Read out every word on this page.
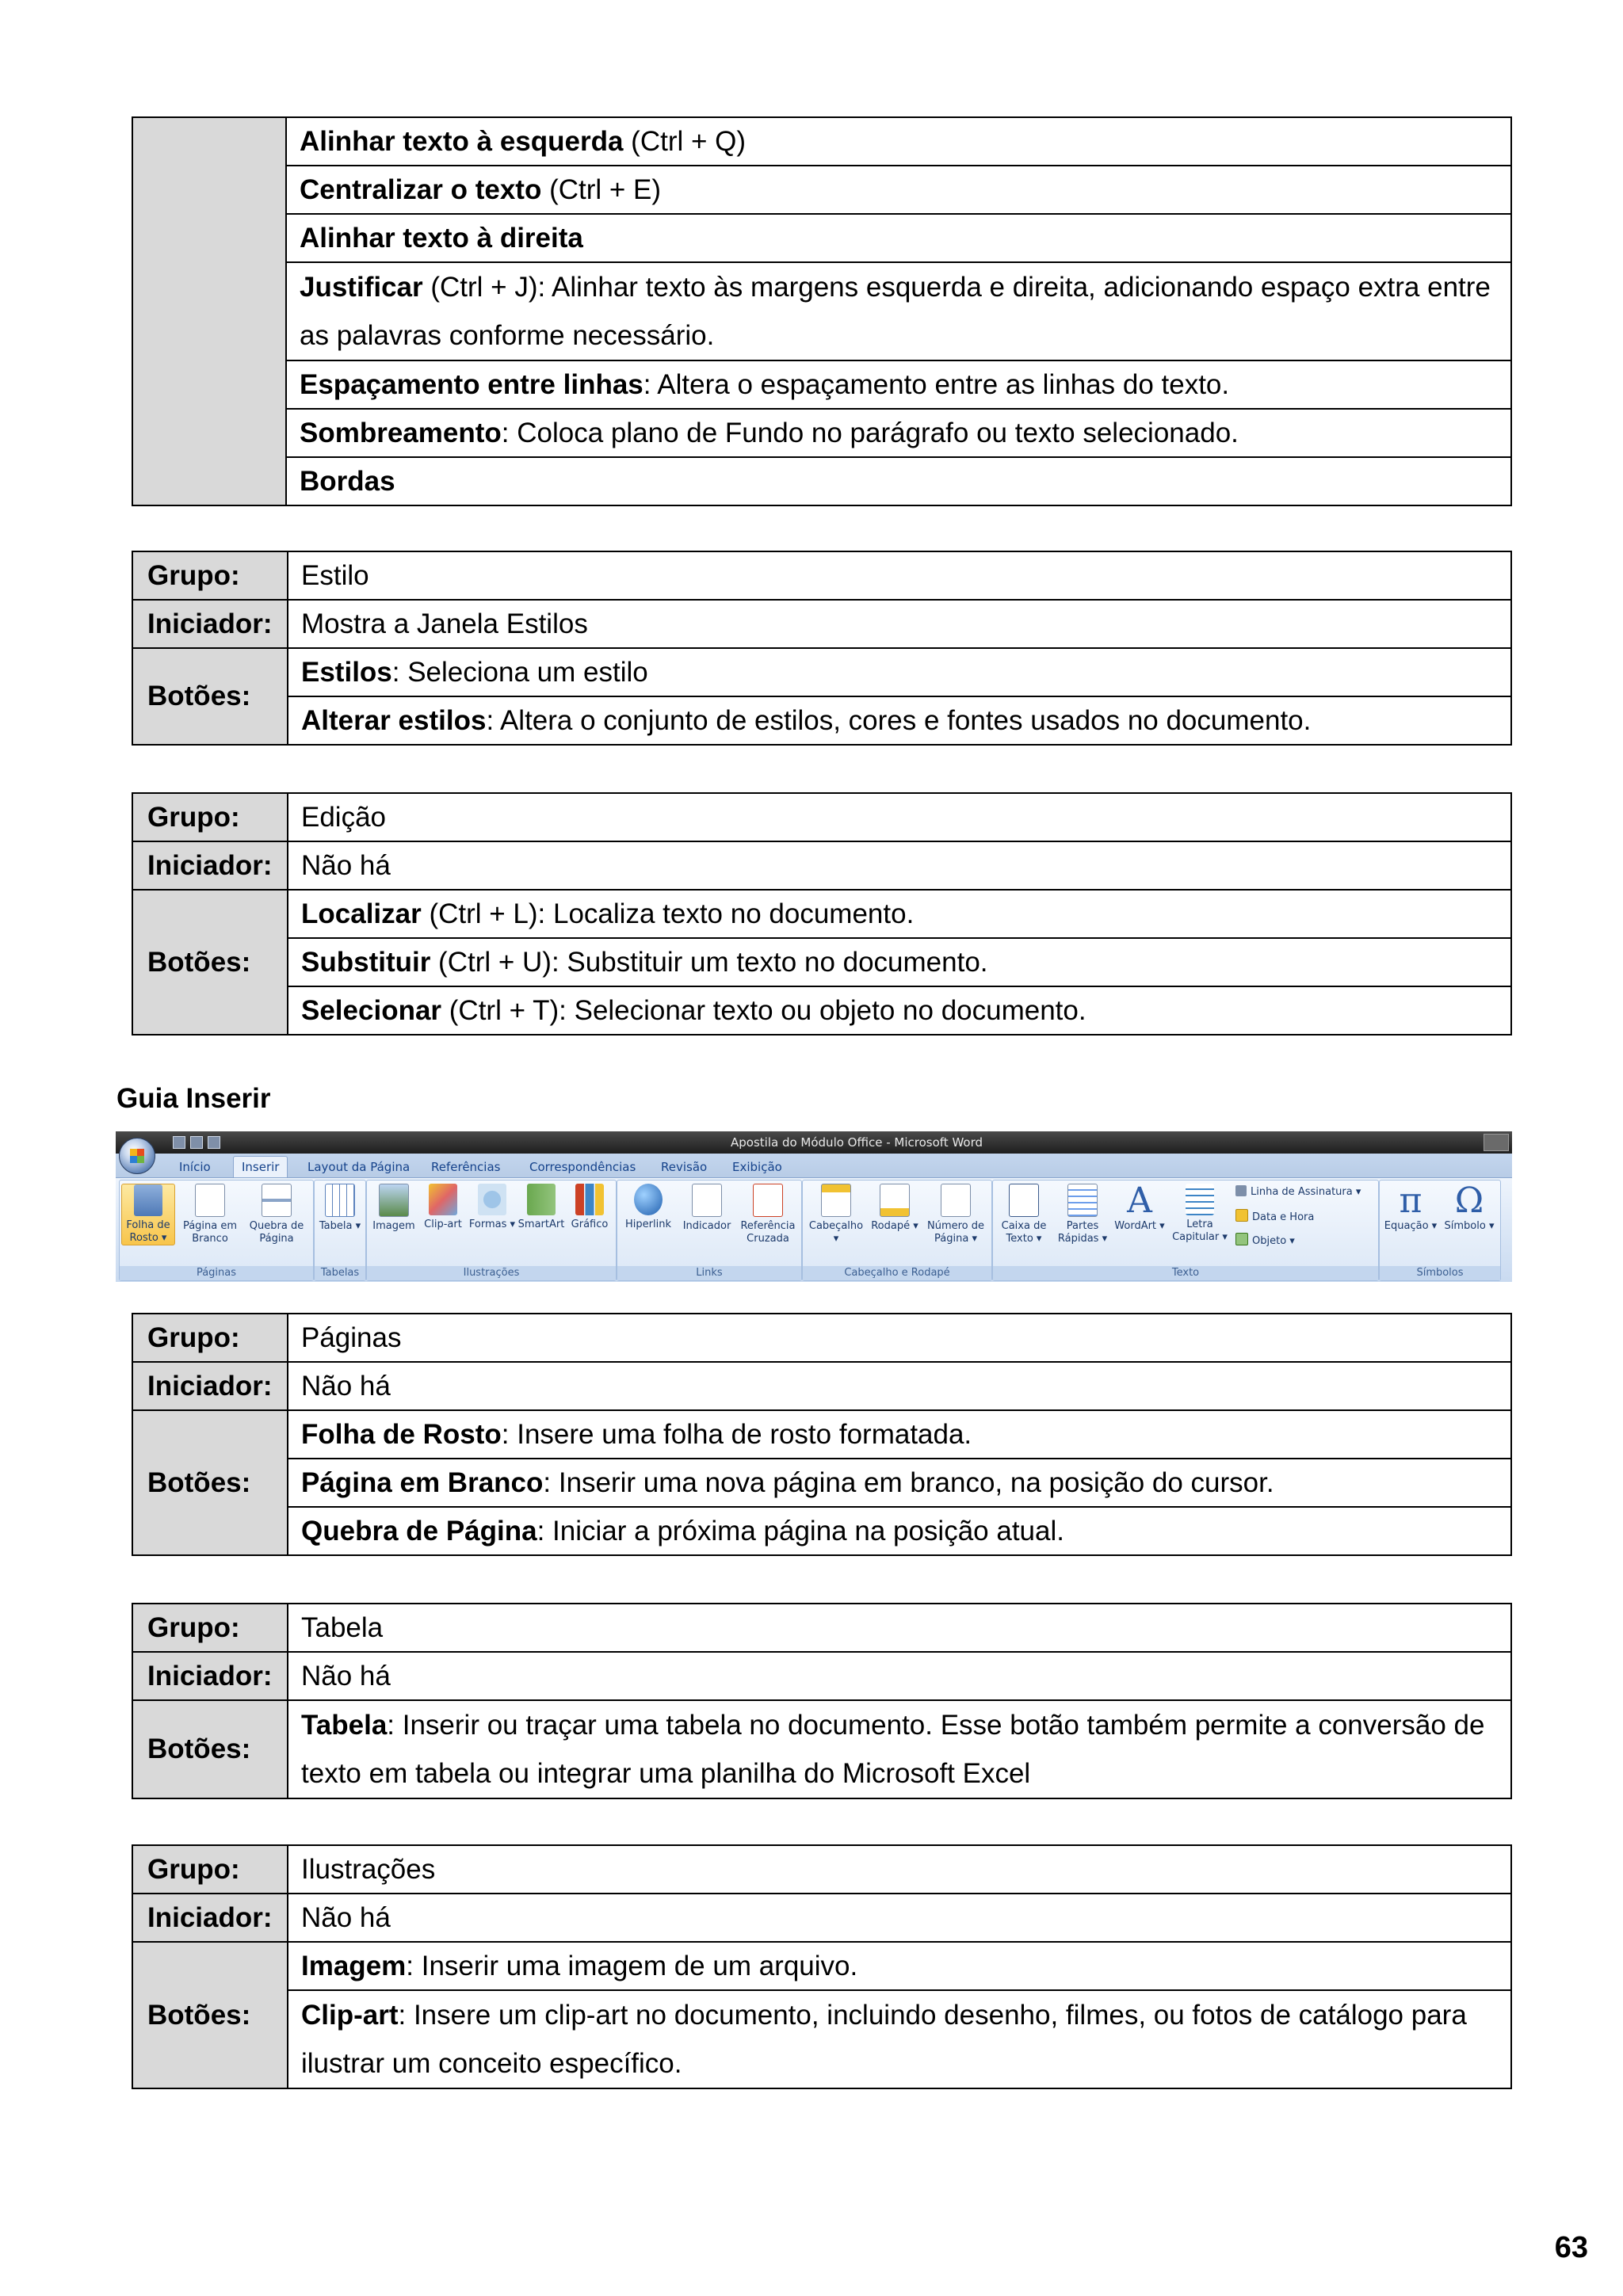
	Alinhar texto à esquerda (Ctrl + Q)
Centralizar o texto (Ctrl + E)
Alinhar texto à direita
Justificar (Ctrl + J): Alinhar texto às margens esquerda e direita, adicionando espaço extra entre as palavras conforme necessário.
Espaçamento entre linhas: Altera o espaçamento entre as linhas do texto.
Sombreamento: Coloca plano de Fundo no parágrafo ou texto selecionado.
Bordas
Grupo:	Estilo
Iniciador:	Mostra a Janela Estilos
Botões:	Estilos: Seleciona um estilo
	Alterar estilos: Altera o conjunto de estilos, cores e fontes usados no documento.
Grupo:	Edição
Iniciador:	Não há
Botões:	Localizar (Ctrl + L): Localiza texto no documento.
	Substituir (Ctrl + U): Substituir um texto no documento.
	Selecionar (Ctrl + T): Selecionar texto ou objeto no documento.
Guia Inserir
Apostila do Módulo Office - Microsoft Word
Início	Inserir	Layout da Página Referências Correspondências Revisão Exibição
Folha de Rosto ▾
Página em Branco
Quebra de Página
Páginas
Tabela ▾
Tabelas
Imagem Clip-art Formas ▾ SmartArt Gráfico
Ilustrações
Hiperlink	Indicador Referência Cruzada
Links
Cabeçalho ▾
Rodapé ▾ Número de Página ▾
Cabeçalho e Rodapé
Caixa de Texto ▾
Partes Rápidas ▾
A
WordArt ▾	Letra Capitular ▾
Linha de Assinatura ▾
Data e Hora
Objeto ▾
Texto
π
Equação ▾
Ω
Símbolo ▾
Símbolos
Grupo:	Páginas
Iniciador:	Não há
Botões:	Folha de Rosto: Insere uma folha de rosto formatada.
	Página em Branco: Inserir uma nova página em branco, na posição do cursor.
	Quebra de Página: Iniciar a próxima página na posição atual.
Grupo:	Tabela
Iniciador:	Não há
Botões:	Tabela: Inserir ou traçar uma tabela no documento. Esse botão também permite a conversão de texto em tabela ou integrar uma planilha do Microsoft Excel
Grupo:	Ilustrações
Iniciador:	Não há
Botões:	Imagem: Inserir uma imagem de um arquivo.
	Clip-art: Insere um clip-art no documento, incluindo desenho, filmes, ou fotos de catálogo para ilustrar um conceito específico.
63
